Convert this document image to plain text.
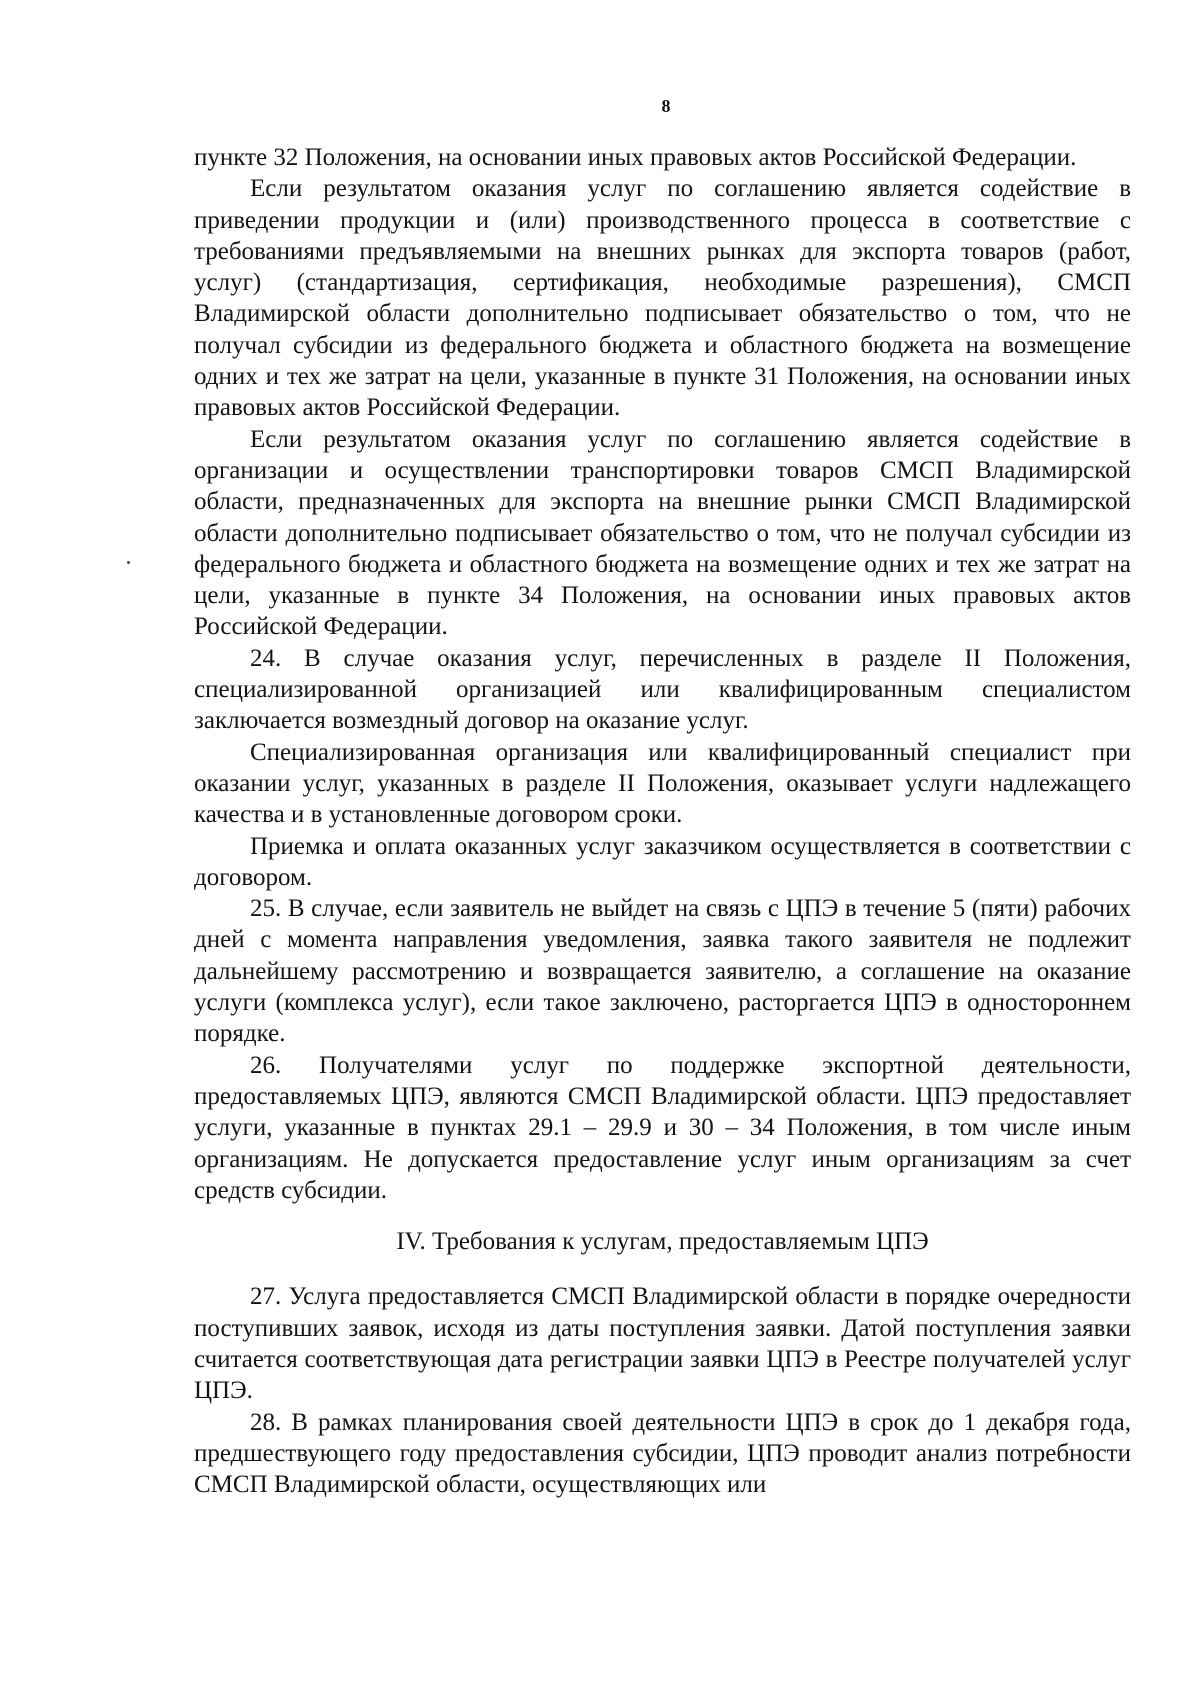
8

пункте 32 Положения, на основании иных правовых актов Российской Федерации.

Если результатом оказания услуг по соглашению является содействие в приведении продукции и (или) производственного процесса в соответствие с требованиями предъявляемыми на внешних рынках для экспорта товаров (работ, услуг) (стандартизация, сертификация, необходимые разрешения), СМСП Владимирской области дополнительно подписывает обязательство о том, что не получал субсидии из федерального бюджета и областного бюджета на возмещение одних и тех же затрат на цели, указанные в пункте 31 Положения, на основании иных правовых актов Российской Федерации.

Если результатом оказания услуг по соглашению является содействие в организации и осуществлении транспортировки товаров СМСП Владимирской области, предназначенных для экспорта на внешние рынки СМСП Владимирской области дополнительно подписывает обязательство о том, что не получал субсидии из федерального бюджета и областного бюджета на возмещение одних и тех же затрат на цели, указанные в пункте 34 Положения, на основании иных правовых актов Российской Федерации.

24. В случае оказания услуг, перечисленных в разделе II Положения, специализированной организацией или квалифицированным специалистом заключается возмездный договор на оказание услуг.

Специализированная организация или квалифицированный специалист при оказании услуг, указанных в разделе II Положения, оказывает услуги надлежащего качества и в установленные договором сроки.

Приемка и оплата оказанных услуг заказчиком осуществляется в соответствии с договором.

25. В случае, если заявитель не выйдет на связь с ЦПЭ в течение 5 (пяти) рабочих дней с момента направления уведомления, заявка такого заявителя не подлежит дальнейшему рассмотрению и возвращается заявителю, а соглашение на оказание услуги (комплекса услуг), если такое заключено, расторгается ЦПЭ в одностороннем порядке.

26. Получателями услуг по поддержке экспортной деятельности, предоставляемых ЦПЭ, являются СМСП Владимирской области. ЦПЭ предоставляет услуги, указанные в пунктах 29.1 – 29.9 и 30 – 34 Положения, в том числе иным организациям. Не допускается предоставление услуг иным организациям за счет средств субсидии.

IV. Требования к услугам, предоставляемым ЦПЭ

27. Услуга предоставляется СМСП Владимирской области в порядке очередности поступивших заявок, исходя из даты поступления заявки. Датой поступления заявки считается соответствующая дата регистрации заявки ЦПЭ в Реестре получателей услуг ЦПЭ.

28. В рамках планирования своей деятельности ЦПЭ в срок до 1 декабря года, предшествующего году предоставления субсидии, ЦПЭ проводит анализ потребности СМСП Владимирской области, осуществляющих или
